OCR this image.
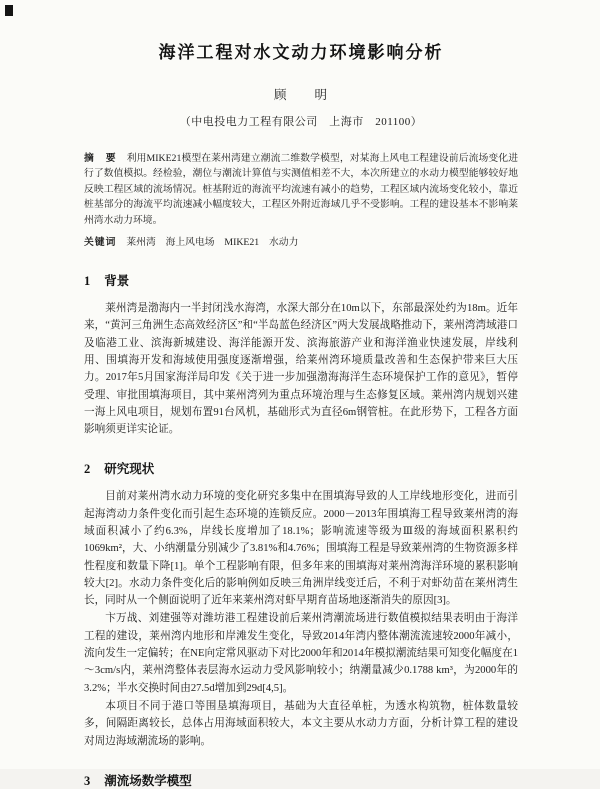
海洋工程对水文动力环境影响分析
顾　　明
（中电投电力工程有限公司　上海市　201100）

摘　要 利用MIKE21模型在莱州湾建立潮流二维数学模型，对某海上风电工程建设前后流场变化进行了数值模拟。经检验，潮位与潮流计算值与实测值相差不大，本次所建立的水动力模型能够较好地反映工程区域的流场情况。桩基附近的海流平均流速有减小的趋势，工程区域内流场变化较小，靠近桩基部分的海流平均流速减小幅度较大，工程区外附近海域几乎不受影响。工程的建设基本不影响莱州湾水动力环境。

关键词 莱州湾　海上风电场　MIKE21　水动力

1 背景

莱州湾是渤海内一半封闭浅水海湾，水深大部分在10m以下，东部最深处约为18m。近年来，“黄河三角洲生态高效经济区”和“半岛蓝色经济区”两大发展战略推动下，莱州湾湾域港口及临港工业、滨海新城建设、海洋能源开发、滨海旅游产业和海洋渔业快速发展，岸线利用、围填海开发和海域使用强度逐渐增强，给莱州湾环境质量改善和生态保护带来巨大压力。2017年5月国家海洋局印发《关于进一步加强渤海海洋生态环境保护工作的意见》，暂停受理、审批围填海项目，其中莱州湾列为重点环境治理与生态修复区域。莱州湾内规划兴建一海上风电项目，规划布置91台风机，基础形式为直径6m钢管桩。在此形势下，工程各方面影响须更详实论证。

2 研究现状

目前对莱州湾水动力环境的变化研究多集中在围填海导致的人工岸线地形变化，进而引起海湾动力条件变化而引起生态环境的连锁反应。2000－2013年围填海工程导致莱州湾的海域面积减小了约6.3%，岸线长度增加了18.1%；影响流速等级为Ⅲ级的海域面积累积约1069km²，大、小纳潮量分别减少了3.81%和4.76%；围填海工程是导致莱州湾的生物资源多样性程度和数量下降[1]。单个工程影响有限，但多年来的围填海对莱州湾海洋环境的累积影响较大[2]。水动力条件变化后的影响例如反映三角洲岸线变迁后，不利于对虾幼苗在莱州湾生长，同时从一个侧面说明了近年来莱州湾对虾早期育苗场地逐渐消失的原因[3]。

卞万战、刘建强等对潍坊港工程建设前后莱州湾潮流场进行数值模拟结果表明由于海洋工程的建设，莱州湾内地形和岸滩发生变化，导致2014年湾内整体潮流流速较2000年减小，流向发生一定偏转；在NE向定常风驱动下对比2000年和2014年模拟潮流结果可知变化幅度在1～3cm/s内，莱州湾整体表层海水运动力受风影响较小；纳潮量减少0.1788 km³，为2000年的3.2%；半水交换时间由27.5d增加到29d[4,5]。

本项目不同于港口等围垦填海项目，基础为大直径单桩，为透水构筑物，桩体数量较多，间隔距离较长，总体占用海域面积较大，本文主要从水动力方面，分析计算工程的建设对周边海域潮流场的影响。

3 潮流场数学模型
